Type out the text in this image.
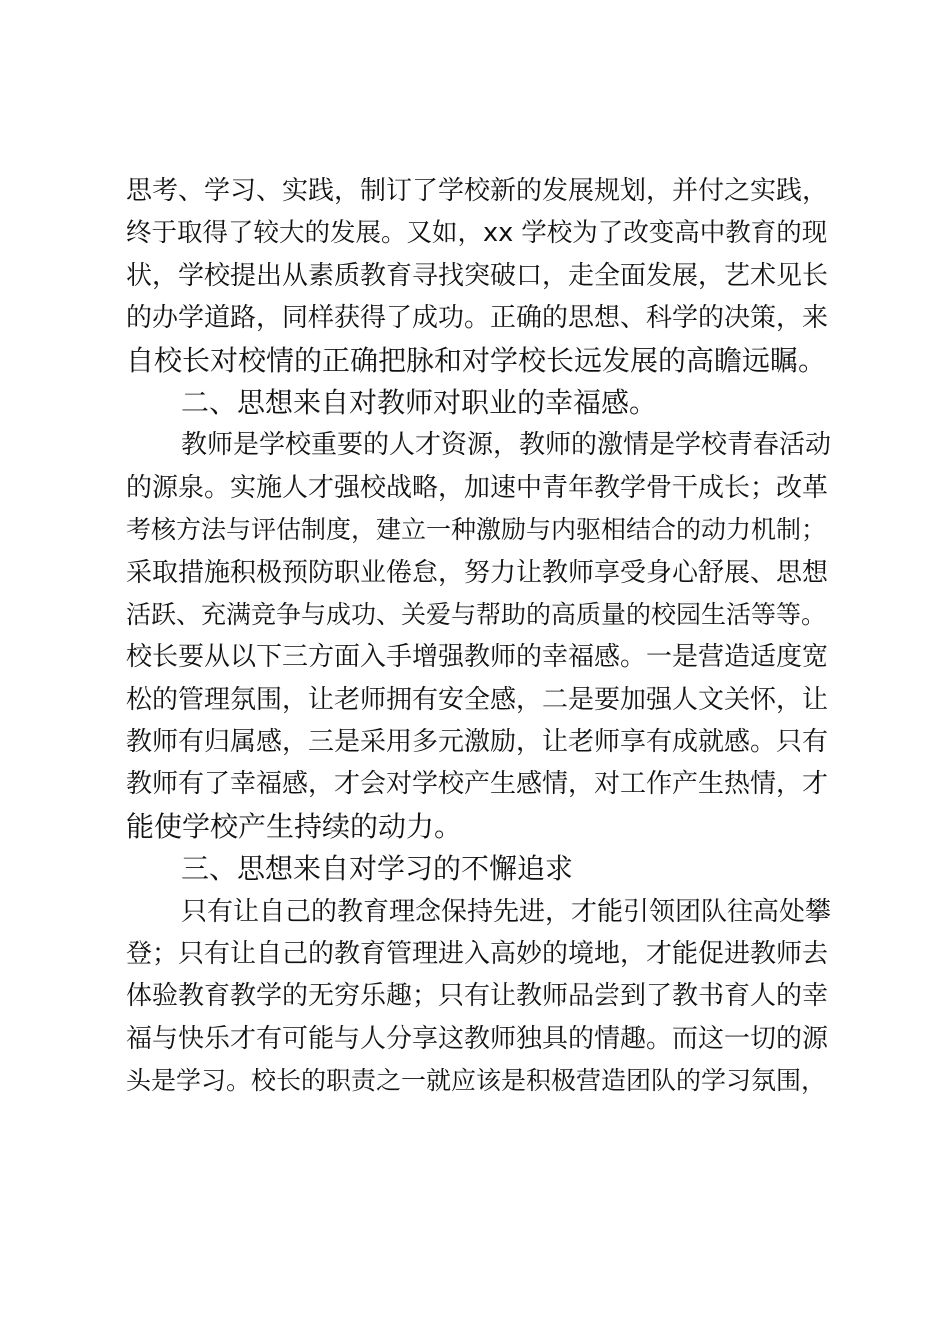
思考、学习、实践，制订了学校新的发展规划，并付之实践，
终于取得了较大的发展。又如，xx 学校为了改变高中教育的现
状，学校提出从素质教育寻找突破口，走全面发展，艺术见长
的办学道路，同样获得了成功。正确的思想、科学的决策，来
自校长对校情的正确把脉和对学校长远发展的高瞻远瞩。
二、思想来自对教师对职业的幸福感。
教师是学校重要的人才资源，教师的激情是学校青春活动
的源泉。实施人才强校战略，加速中青年教学骨干成长；改革
考核方法与评估制度，建立一种激励与内驱相结合的动力机制；
采取措施积极预防职业倦怠，努力让教师享受身心舒展、思想
活跃、充满竞争与成功、关爱与帮助的高质量的校园生活等等。
校长要从以下三方面入手增强教师的幸福感。一是营造适度宽
松的管理氛围，让老师拥有安全感，二是要加强人文关怀，让
教师有归属感，三是采用多元激励，让老师享有成就感。只有
教师有了幸福感，才会对学校产生感情，对工作产生热情，才
能使学校产生持续的动力。
三、思想来自对学习的不懈追求
只有让自己的教育理念保持先进，才能引领团队往高处攀
登；只有让自己的教育管理进入高妙的境地，才能促进教师去
体验教育教学的无穷乐趣；只有让教师品尝到了教书育人的幸
福与快乐才有可能与人分享这教师独具的情趣。而这一切的源
头是学习。校长的职责之一就应该是积极营造团队的学习氛围，
